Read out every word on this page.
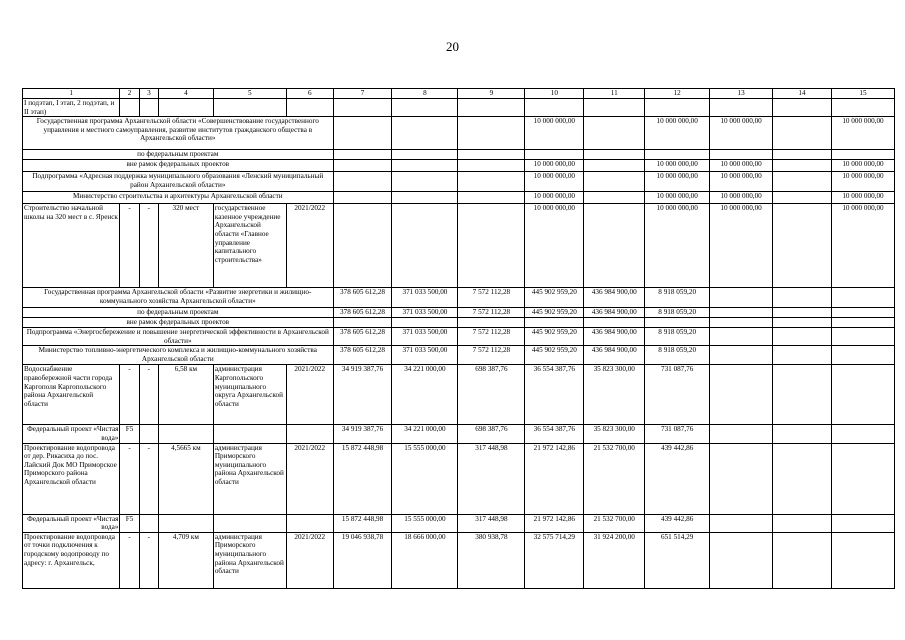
20
1	2	3	4	5	6	7	8	9	10	11	12	13	14	15
I подэтап, I этап, 2 подэтап, и II этап)														
Государственная программа Архангельской области «Совершенствование государственного управления и местного самоуправления, развитие институтов гражданского общества в Архангельской области»									10 000 000,00		10 000 000,00	10 000 000,00		10 000 000,00
по федеральным проектам														
вне рамок федеральных проектов									10 000 000,00		10 000 000,00	10 000 000,00		10 000 000,00
Подпрограмма «Адресная поддержка муниципального образования «Ленский муниципальный район Архангельской области»									10 000 000,00		10 000 000,00	10 000 000,00		10 000 000,00
Министерство строительства и архитектуры Архангельской области									10 000 000,00		10 000 000,00	10 000 000,00		10 000 000,00
Строительство начальной школы на 320 мест в с. Яренск	-	-	320 мест	государственное казенное учреждение Архангельской области «Главное управление капитального строительства»	2021/2022				10 000 000,00		10 000 000,00	10 000 000,00		10 000 000,00
Государственная программа Архангельской области «Развитие энергетики и жилищно-коммунального хозяйства Архангельской области»						378 605 612,28	371 033 500,00	7 572 112,28	445 902 959,20	436 984 900,00	8 918 059,20			
по федеральным проектам						378 605 612,28	371 033 500,00	7 572 112,28	445 902 959,20	436 984 900,00	8 918 059,20			
вне рамок федеральных проектов														
Подпрограмма «Энергосбережение и повышение энергетической эффективности в Архангельской области»						378 605 612,28	371 033 500,00	7 572 112,28	445 902 959,20	436 984 900,00	8 918 059,20			
Министерство топливно-энергетического комплекса и жилищно-коммунального хозяйства Архангельской области						378 605 612,28	371 033 500,00	7 572 112,28	445 902 959,20	436 984 900,00	8 918 059,20			
Водоснабжение правобережной части города Каргополя Каргопольского района Архангельской области	-	-	6,58 км	администрация Каргопольского муниципального округа Архангельской области	2021/2022	34 919 387,76	34 221 000,00	698 387,76	36 554 387,76	35 823 300,00	731 087,76			
Федеральный проект «Чистая вода»	F5					34 919 387,76	34 221 000,00	698 387,76	36 554 387,76	35 823 300,00	731 087,76			
Проектирование водопровода от дер. Рикасиха до пос. Лайский Док МО Приморское Приморского района Архангельской области	-	-	4,5665 км	администрация Приморского муниципального района Архангельской области	2021/2022	15 872 448,98	15 555 000,00	317 448,98	21 972 142,86	21 532 700,00	439 442,86			
Федеральный проект «Чистая вода»	F5					15 872 448,98	15 555 000,00	317 448,98	21 972 142,86	21 532 700,00	439 442,86			
Проектирование водопровода от точки подключения к городскому водопроводу по адресу: г. Архангельск,	-	-	4,709 км	администрация Приморского муниципального района Архангельской области	2021/2022	19 046 938,78	18 666 000,00	380 938,78	32 575 714,29	31 924 200,00	651 514,29			
